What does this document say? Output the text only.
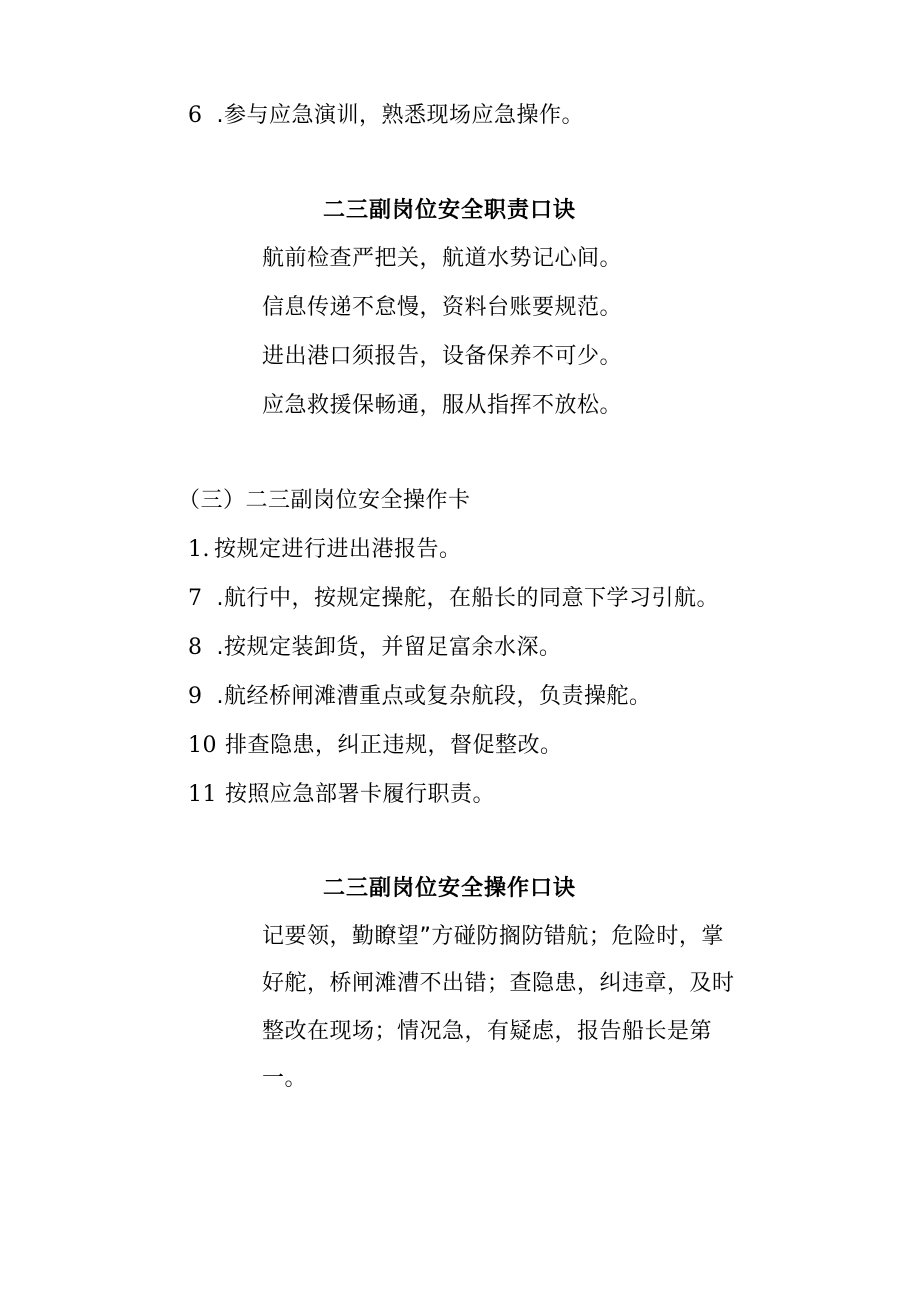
6 .参与应急演训，熟悉现场应急操作。
二三副岗位安全职责口诀
航前检查严把关，航道水势记心间。
信息传递不怠慢，资料台账要规范。
进出港口须报告，设备保养不可少。
应急救援保畅通，服从指挥不放松。
（三）二三副岗位安全操作卡
1. 按规定进行进出港报告。
7 .航行中，按规定操舵，在船长的同意下学习引航。
8 .按规定装卸货，并留足富余水深。
9 .航经桥闸滩漕重点或复杂航段，负责操舵。
10 排查隐患，纠正违规，督促整改。
11 按照应急部署卡履行职责。
二三副岗位安全操作口诀
记要领，勤瞭望”方碰防搁防错航；危险时，掌
好舵，桥闸滩漕不出错；查隐患，纠违章，及时
整改在现场；情况急，有疑虑，报告船长是第
一。
